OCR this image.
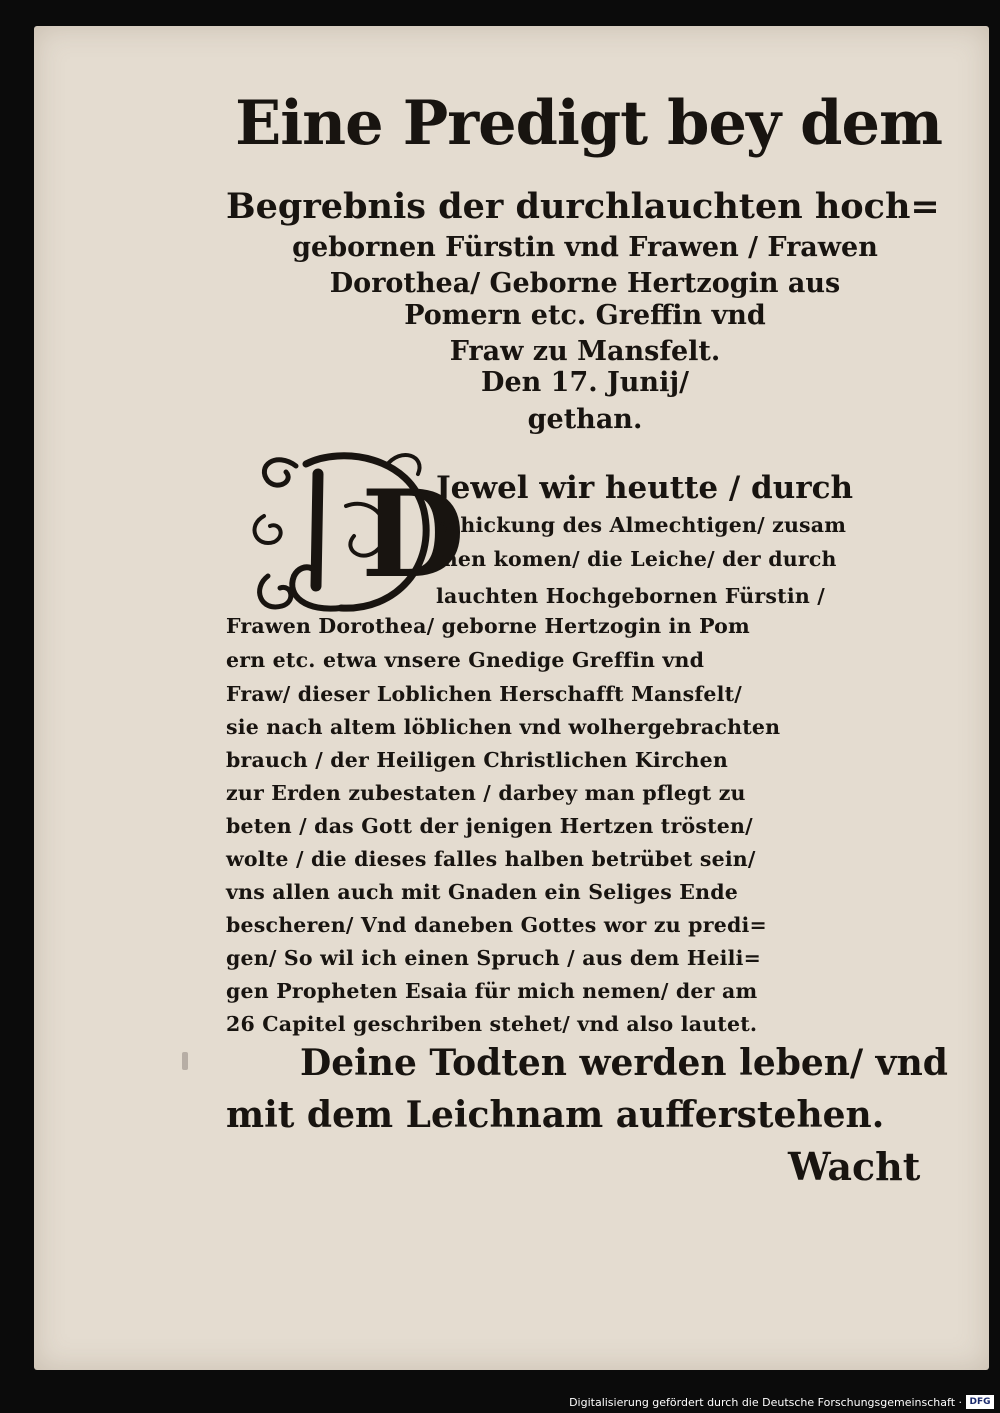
Eine Predigt bey dem
Begrebnis der durchlauchten hoch=
gebornen Fürstin vnd Frawen / Frawen
Dorothea/ Geborne Hertzogin aus
Pomern etc. Greffin vnd
Fraw zu Mansfelt.
Den 17. Junij/
gethan.
D
Jewel wir heutte / durch
schickung des Almechtigen/ zusam
men komen/ die Leiche/ der durch
lauchten Hochgebornen Fürstin /
Frawen Dorothea/ geborne Hertzogin in Pom
ern etc. etwa vnsere Gnedige Greffin vnd
Fraw/ dieser Loblichen Herschafft Mansfelt/
sie nach altem löblichen vnd wolhergebrachten
brauch / der Heiligen Christlichen Kirchen
zur Erden zubestaten / darbey man pflegt zu
beten / das Gott der jenigen Hertzen trösten/
wolte / die dieses falles halben betrübet sein/
vns allen auch mit Gnaden ein Seliges Ende
bescheren/ Vnd daneben Gottes wor zu predi=
gen/ So wil ich einen Spruch / aus dem Heili=
gen Propheten Esaia für mich nemen/ der am
26 Capitel geschriben stehet/ vnd also lautet.
Deine Todten werden leben/ vnd
mit dem Leichnam aufferstehen.
Wacht
Digitalisierung gefördert durch die Deutsche Forschungsgemeinschaft · DFG
